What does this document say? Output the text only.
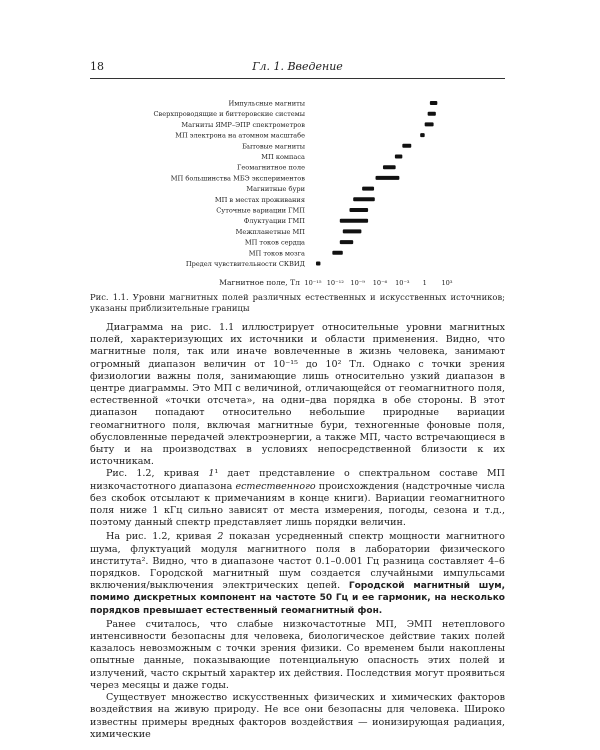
18	Гл. 1. Введение
Импульсные магниты
Сверхпроводящие и биттеровские системы
Магниты ЯМР–ЭПР спектрометров
МП электрона на атомном масштабе
Бытовые магниты
МП компаса
Геомагнитное поле
МП большинства МБЭ экспериментов
Магнитные бури
МП в местах проживания
Суточные вариации ГМП
Флуктуации ГМП
Межпланетные МП
МП токов сердца
МП токов мозга
Предел чувствительности СКВИД
10⁻¹⁵ 10⁻¹² 10⁻⁹ 10⁻⁶ 10⁻³ 1 10³
Магнитное поле, Тл
Рис. 1.1. Уровни магнитных полей различных естественных и искусственных источников; указаны приблизительные границы

Диаграмма на рис. 1.1 иллюстрирует относительные уровни магнитных полей, характеризующих их источники и области применения. Видно, что магнитные поля, так или иначе вовлеченные в жизнь человека, занимают огромный диапазон величин от 10⁻¹⁵ до 10² Тл. Однако с точки зрения физиологии важны поля, занимающие лишь относительно узкий диапазон в центре диаграммы. Это МП с величиной, отличающейся от геомагнитного поля, естественной «точки отсчета», на одни–два порядка в обе стороны. В этот диапазон попадают относительно небольшие природные вариации геомагнитного поля, включая магнитные бури, техногенные фоновые поля, обусловленные передачей электроэнергии, а также МП, часто встречающиеся в быту и на производствах в условиях непосредственной близости к их источникам.

Рис. 1.2, кривая 1¹ дает представление о спектральном составе МП низкочастотного диапазона естественного происхождения (надстрочные числа без скобок отсылают к примечаниям в конце книги). Вариации геомагнитного поля ниже 1 кГц сильно зависят от места измерения, погоды, сезона и т.д., поэтому данный спектр представляет лишь порядки величин.

На рис. 1.2, кривая 2 показан усредненный спектр мощности магнитного шума, флуктуаций модуля магнитного поля в лаборатории физического института². Видно, что в диапазоне частот 0.1–0.001 Гц разница составляет 4–6 порядков. Городской магнитный шум создается случайными импульсами включения/выключения электрических цепей. Городской магнитный шум, помимо дискретных компонент на частоте 50 Гц и ее гармоник, на несколько порядков превышает естественный геомагнитный фон.

Ранее считалось, что слабые низкочастотные МП, ЭМП нетеплового интенсивности безопасны для человека, биологическое действие таких полей казалось невозможным с точки зрения физики. Со временем были накоплены опытные данные, показывающие потенциальную опасность этих полей и излучений, часто скрытый характер их действия. Последствия могут проявиться через месяцы и даже годы.

Существует множество искусственных физических и химических факторов воздействия на живую природу. Не все они безопасны для человека. Широко известны примеры вредных факторов воздействия — ионизирующая радиация, химические
